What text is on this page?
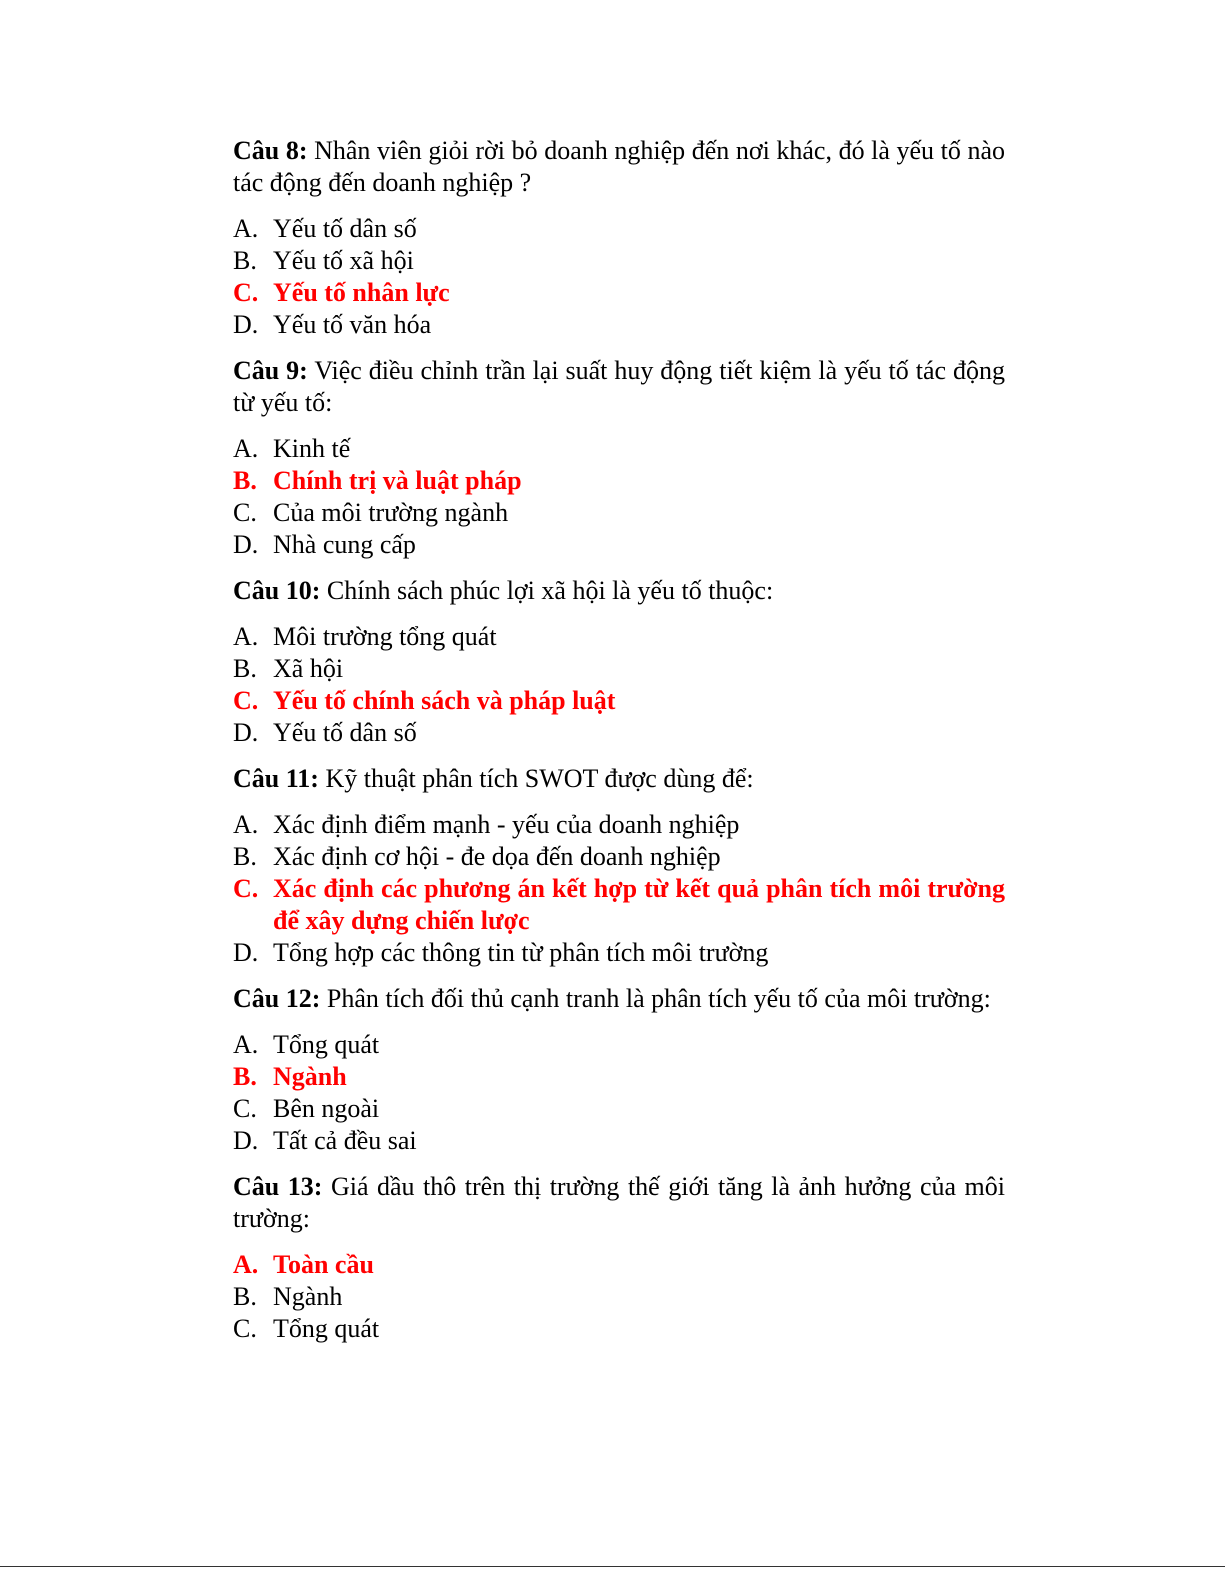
Câu 8: Nhân viên giỏi rời bỏ doanh nghiệp đến nơi khác, đó là yếu tố nào tác động đến doanh nghiệp ?

A. Yếu tố dân số
B. Yếu tố xã hội
C. Yếu tố nhân lực
D. Yếu tố văn hóa

Câu 9: Việc điều chỉnh trần lại suất huy động tiết kiệm là yếu tố tác động từ yếu tố:

A. Kinh tế
B. Chính trị và luật pháp
C. Của môi trường ngành
D. Nhà cung cấp

Câu 10: Chính sách phúc lợi xã hội là yếu tố thuộc:

A. Môi trường tổng quát
B. Xã hội
C. Yếu tố chính sách và pháp luật
D. Yếu tố dân số

Câu 11: Kỹ thuật phân tích SWOT được dùng để:

A. Xác định điểm mạnh - yếu của doanh nghiệp
B. Xác định cơ hội - đe dọa đến doanh nghiệp
C. Xác định các phương án kết hợp từ kết quả phân tích môi trường để xây dựng chiến lược
D. Tổng hợp các thông tin từ phân tích môi trường

Câu 12: Phân tích đối thủ cạnh tranh là phân tích yếu tố của môi trường:

A. Tổng quát
B. Ngành
C. Bên ngoài
D. Tất cả đều sai

Câu 13: Giá dầu thô trên thị trường thế giới tăng là ảnh hưởng của môi trường:

A. Toàn cầu
B. Ngành
C. Tổng quát
